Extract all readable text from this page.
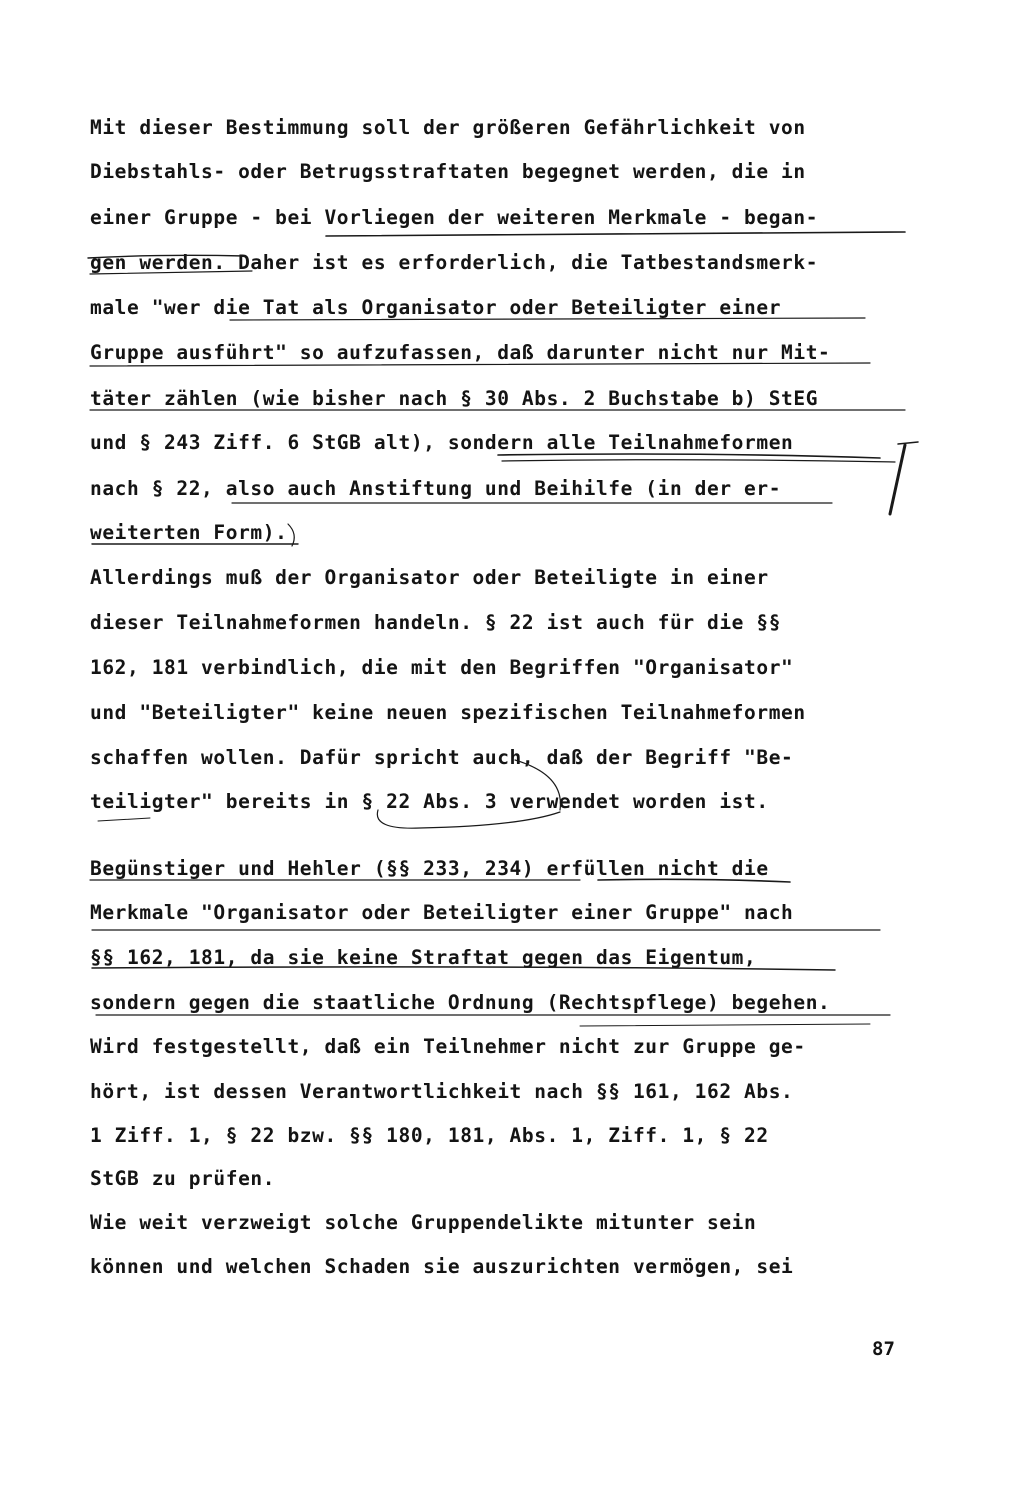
Mit dieser Bestimmung soll der größeren Gefährlichkeit von
Diebstahls- oder Betrugsstraftaten begegnet werden, die in
einer Gruppe - bei Vorliegen der weiteren Merkmale - began-
gen werden. Daher ist es erforderlich, die Tatbestandsmerk-
male "wer die Tat als Organisator oder Beteiligter einer
Gruppe ausführt" so aufzufassen, daß darunter nicht nur Mit-
täter zählen (wie bisher nach § 30 Abs. 2 Buchstabe b) StEG
und § 243 Ziff. 6 StGB alt), sondern alle Teilnahmeformen
nach § 22, also auch Anstiftung und Beihilfe (in der er-
weiterten Form).
Allerdings muß der Organisator oder Beteiligte in einer
dieser Teilnahmeformen handeln. § 22 ist auch für die §§
162, 181 verbindlich, die mit den Begriffen "Organisator"
und "Beteiligter" keine neuen spezifischen Teilnahmeformen
schaffen wollen. Dafür spricht auch, daß der Begriff "Be-
teiligter" bereits in § 22 Abs. 3 verwendet worden ist.
Begünstiger und Hehler (§§ 233, 234) erfüllen nicht die
Merkmale "Organisator oder Beteiligter einer Gruppe" nach
§§ 162, 181, da sie keine Straftat gegen das Eigentum,
sondern gegen die staatliche Ordnung (Rechtspflege) begehen.
Wird festgestellt, daß ein Teilnehmer nicht zur Gruppe ge-
hört, ist dessen Verantwortlichkeit nach §§ 161, 162 Abs.
1 Ziff. 1, § 22 bzw. §§ 180, 181, Abs. 1, Ziff. 1, § 22
StGB zu prüfen.
Wie weit verzweigt solche Gruppendelikte mitunter sein
können und welchen Schaden sie auszurichten vermögen, sei
87
